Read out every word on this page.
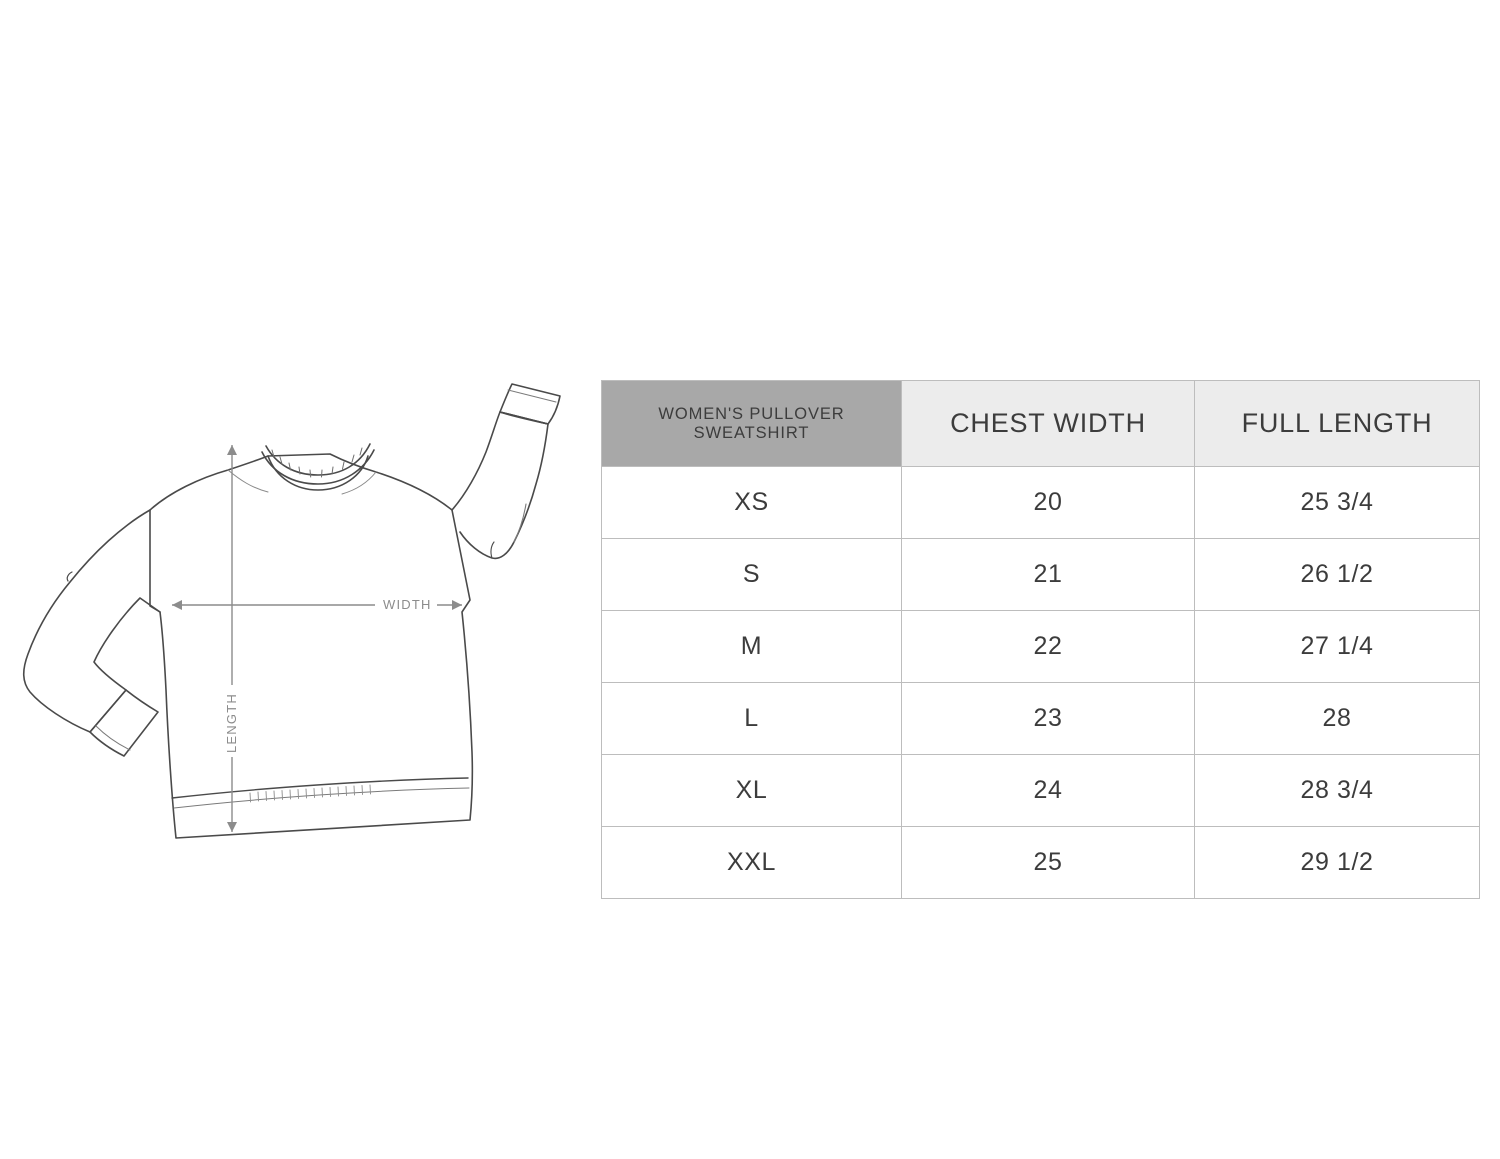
WIDTH
LENGTH
WOMEN'S PULLOVER SWEATSHIRT	CHEST WIDTH	FULL LENGTH
XS	20	25 3/4
S	21	26 1/2
M	22	27 1/4
L	23	28
XL	24	28 3/4
XXL	25	29 1/2
